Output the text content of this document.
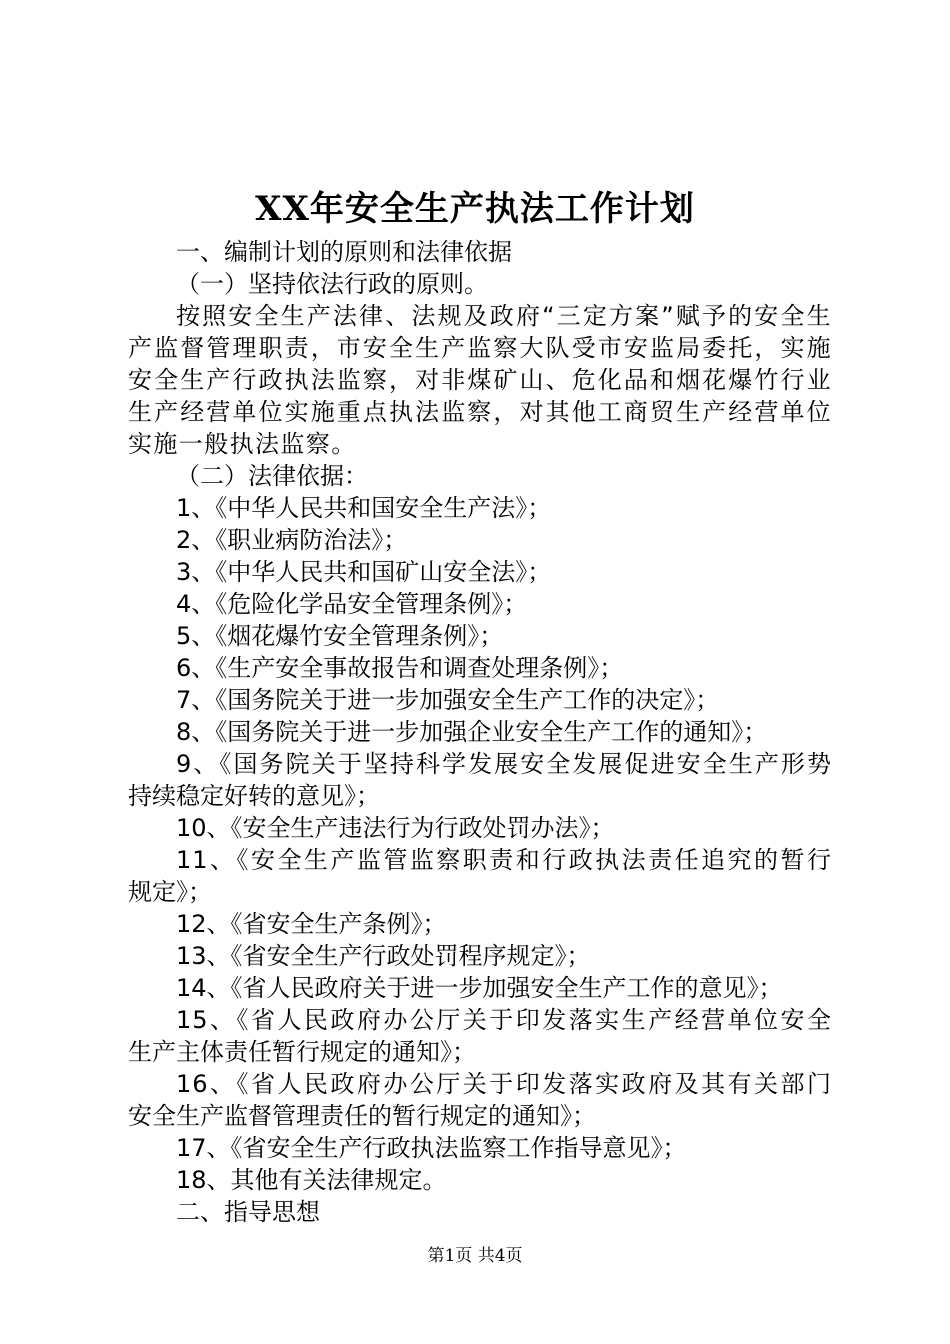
XX年安全生产执法工作计划
一、编制计划的原则和法律依据
（一）坚持依法行政的原则。
按照安全生产法律、法规及政府“三定方案”赋予的安全生产监督管理职责，市安全生产监察大队受市安监局委托，实施安全生产行政执法监察，对非煤矿山、危化品和烟花爆竹行业生产经营单位实施重点执法监察，对其他工商贸生产经营单位实施一般执法监察。
（二）法律依据：
1、《中华人民共和国安全生产法》；
2、《职业病防治法》；
3、《中华人民共和国矿山安全法》；
4、《危险化学品安全管理条例》；
5、《烟花爆竹安全管理条例》；
6、《生产安全事故报告和调查处理条例》；
7、《国务院关于进一步加强安全生产工作的决定》；
8、《国务院关于进一步加强企业安全生产工作的通知》；
9、《国务院关于坚持科学发展安全发展促进安全生产形势
持续稳定好转的意见》；
10、《安全生产违法行为行政处罚办法》；
11、《安全生产监管监察职责和行政执法责任追究的暂行
规定》；
12、《省安全生产条例》；
13、《省安全生产行政处罚程序规定》；
14、《省人民政府关于进一步加强安全生产工作的意见》；
15、《省人民政府办公厅关于印发落实生产经营单位安全
生产主体责任暂行规定的通知》；
16、《省人民政府办公厅关于印发落实政府及其有关部门
安全生产监督管理责任的暂行规定的通知》；
17、《省安全生产行政执法监察工作指导意见》；
18、其他有关法律规定。
二、指导思想
第1页 共4页
